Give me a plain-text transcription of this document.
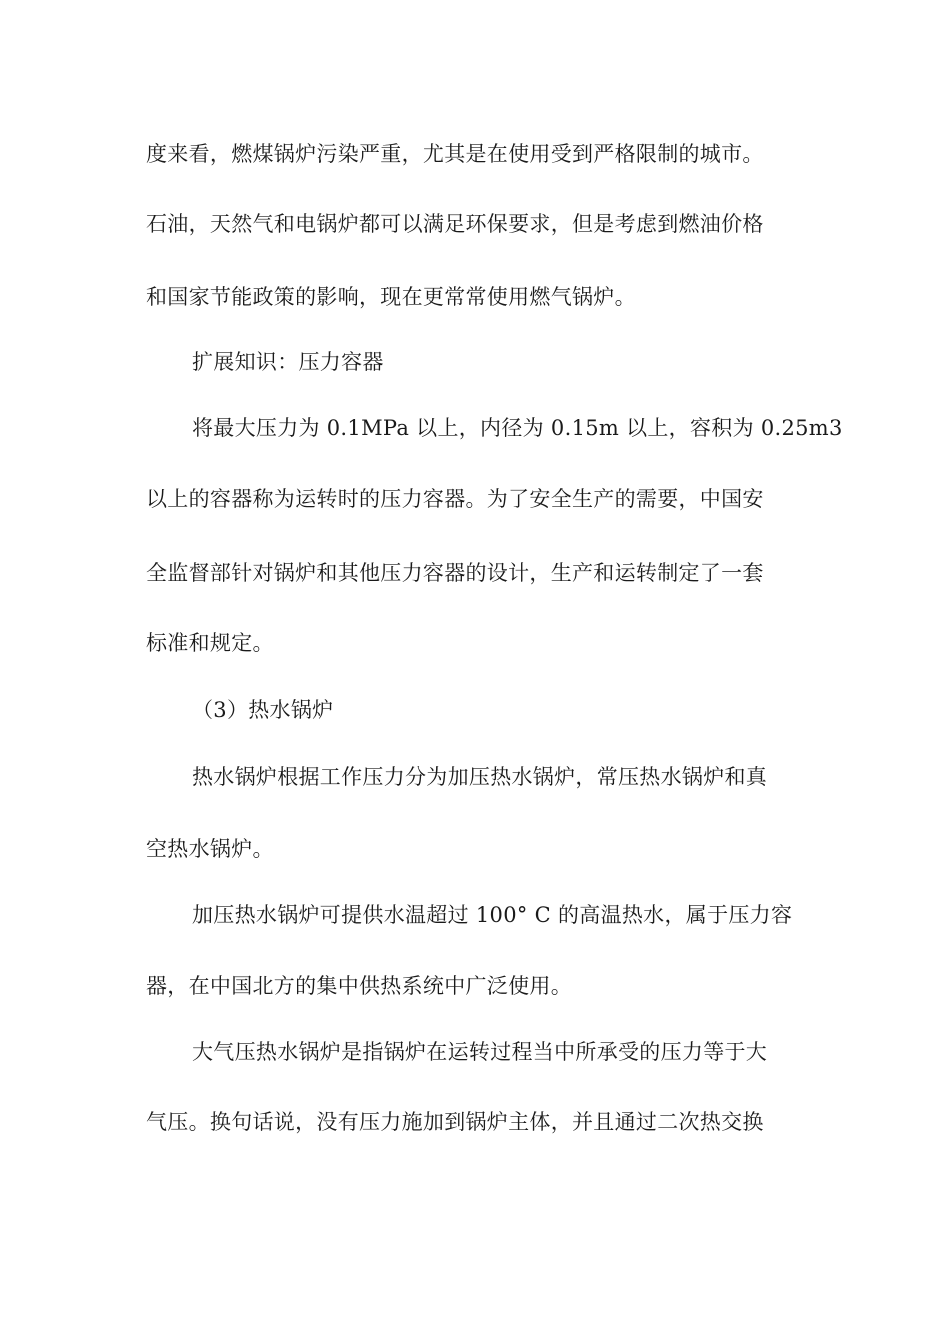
度来看，燃煤锅炉污染严重，尤其是在使用受到严格限制的城市。
石油，天然气和电锅炉都可以满足环保要求，但是考虑到燃油价格
和国家节能政策的影响，现在更常常使用燃气锅炉。
扩展知识：压力容器
将最大压力为 0.1MPa 以上，内径为 0.15m 以上，容积为 0.25m3
以上的容器称为运转时的压力容器。为了安全生产的需要，中国安
全监督部针对锅炉和其他压力容器的设计，生产和运转制定了一套
标准和规定。
（3）热水锅炉
热水锅炉根据工作压力分为加压热水锅炉，常压热水锅炉和真
空热水锅炉。
加压热水锅炉可提供水温超过 100° C 的高温热水，属于压力容
器，在中国北方的集中供热系统中广泛使用。
大气压热水锅炉是指锅炉在运转过程当中所承受的压力等于大
气压。换句话说，没有压力施加到锅炉主体，并且通过二次热交换
